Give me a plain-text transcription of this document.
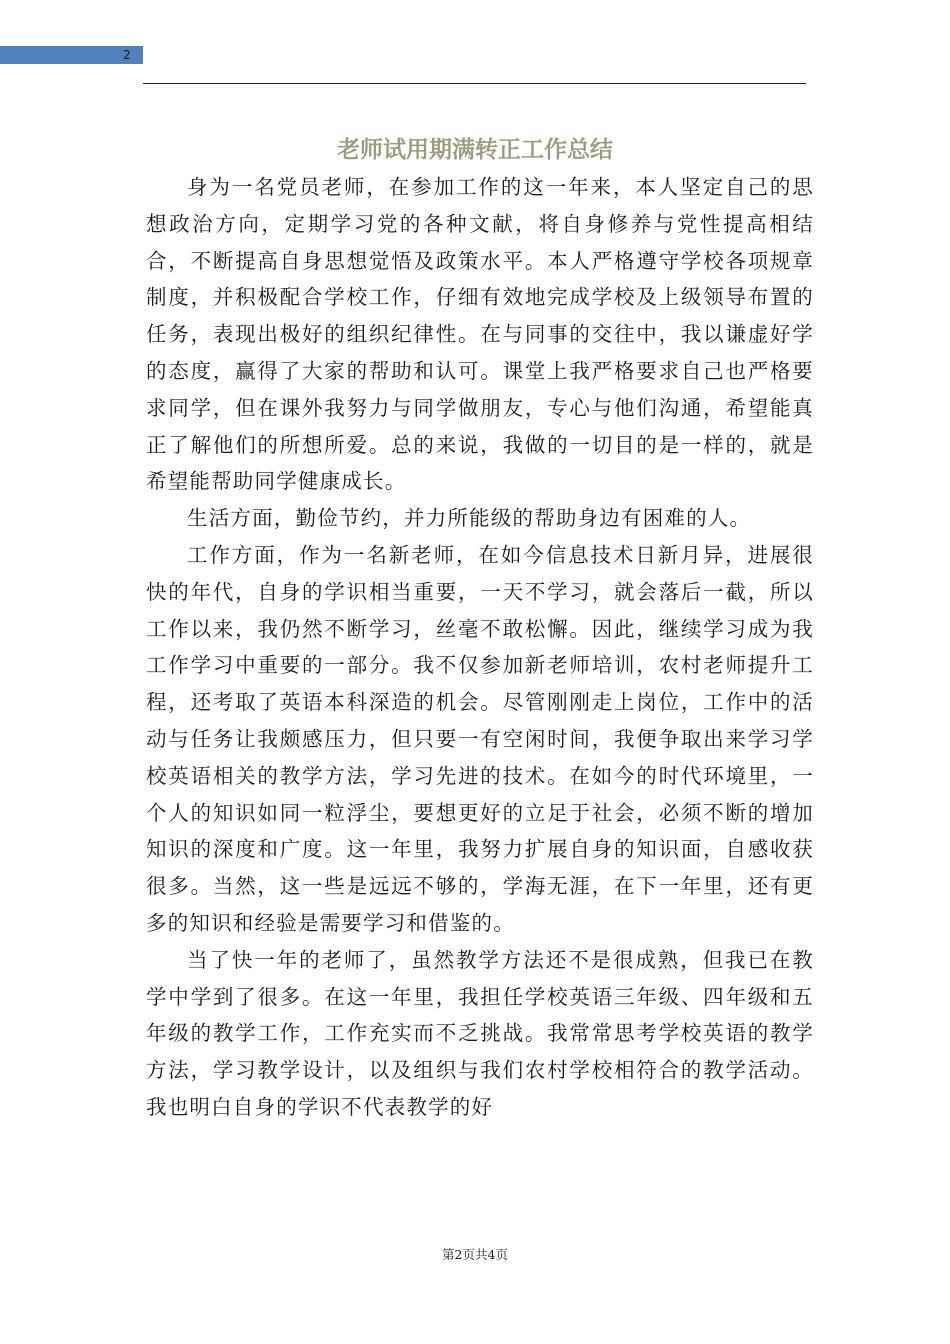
2
老师试用期满转正工作总结

身为一名党员老师，在参加工作的这一年来，本人坚定自己的思想政治方向，定期学习党的各种文献，将自身修养与党性提高相结合，不断提高自身思想觉悟及政策水平。本人严格遵守学校各项规章制度，并积极配合学校工作，仔细有效地完成学校及上级领导布置的任务，表现出极好的组织纪律性。在与同事的交往中，我以谦虚好学的态度，赢得了大家的帮助和认可。课堂上我严格要求自己也严格要求同学，但在课外我努力与同学做朋友，专心与他们沟通，希望能真正了解他们的所想所爱。总的来说，我做的一切目的是一样的，就是希望能帮助同学健康成长。

生活方面，勤俭节约，并力所能级的帮助身边有困难的人。

工作方面，作为一名新老师，在如今信息技术日新月异，进展很快的年代，自身的学识相当重要，一天不学习，就会落后一截，所以工作以来，我仍然不断学习，丝毫不敢松懈。因此，继续学习成为我工作学习中重要的一部分。我不仅参加新老师培训，农村老师提升工程，还考取了英语本科深造的机会。尽管刚刚走上岗位，工作中的活动与任务让我颇感压力，但只要一有空闲时间，我便争取出来学习学校英语相关的教学方法，学习先进的技术。在如今的时代环境里，一个人的知识如同一粒浮尘，要想更好的立足于社会，必须不断的增加知识的深度和广度。这一年里，我努力扩展自身的知识面，自感收获很多。当然，这一些是远远不够的，学海无涯，在下一年里，还有更多的知识和经验是需要学习和借鉴的。

当了快一年的老师了，虽然教学方法还不是很成熟，但我已在教学中学到了很多。在这一年里，我担任学校英语三年级、四年级和五年级的教学工作，工作充实而不乏挑战。我常常思考学校英语的教学方法，学习教学设计，以及组织与我们农村学校相符合的教学活动。我也明白自身的学识不代表教学的好

第2页共4页
